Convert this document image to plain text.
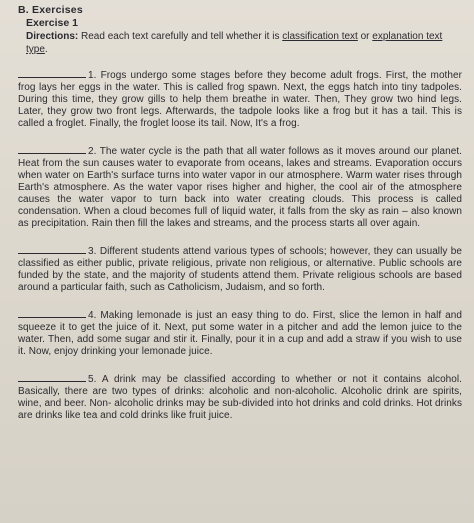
B. Exercises
Exercise 1
Directions: Read each text carefully and tell whether it is classification text or explanation text type.
1. Frogs undergo some stages before they become adult frogs. First, the mother frog lays her eggs in the water. This is called frog spawn. Next, the eggs hatch into tiny tadpoles. During this time, they grow gills to help them breathe in water. Then, They grow two hind legs. Later, they grow two front legs. Afterwards, the tadpole looks like a frog but it has a tail. This is called a froglet. Finally, the froglet loose its tail. Now, It's a frog.
2. The water cycle is the path that all water follows as it moves around our planet. Heat from the sun causes water to evaporate from oceans, lakes and streams. Evaporation occurs when water on Earth's surface turns into water vapor in our atmosphere. Warm water rises through Earth's atmosphere. As the water vapor rises higher and higher, the cool air of the atmosphere causes the water vapor to turn back into water creating clouds. This process is called condensation. When a cloud becomes full of liquid water, it falls from the sky as rain – also known as precipitation. Rain then fill the lakes and streams, and the process starts all over again.
3. Different students attend various types of schools; however, they can usually be classified as either public, private religious, private non religious, or alternative. Public schools are funded by the state, and the majority of students attend them. Private religious schools are based around a particular faith, such as Catholicism, Judaism, and so forth.
4. Making lemonade is just an easy thing to do. First, slice the lemon in half and squeeze it to get the juice of it. Next, put some water in a pitcher and add the lemon juice to the water. Then, add some sugar and stir it. Finally, pour it in a cup and add a straw if you wish to use it. Now, enjoy drinking your lemonade juice.
5. A drink may be classified according to whether or not it contains alcohol. Basically, there are two types of drinks: alcoholic and non-alcoholic. Alcoholic drink are spirits, wine, and beer. Non- alcoholic drinks may be sub-divided into hot drinks and cold drinks. Hot drinks are drinks like tea and cold drinks like fruit juice.
